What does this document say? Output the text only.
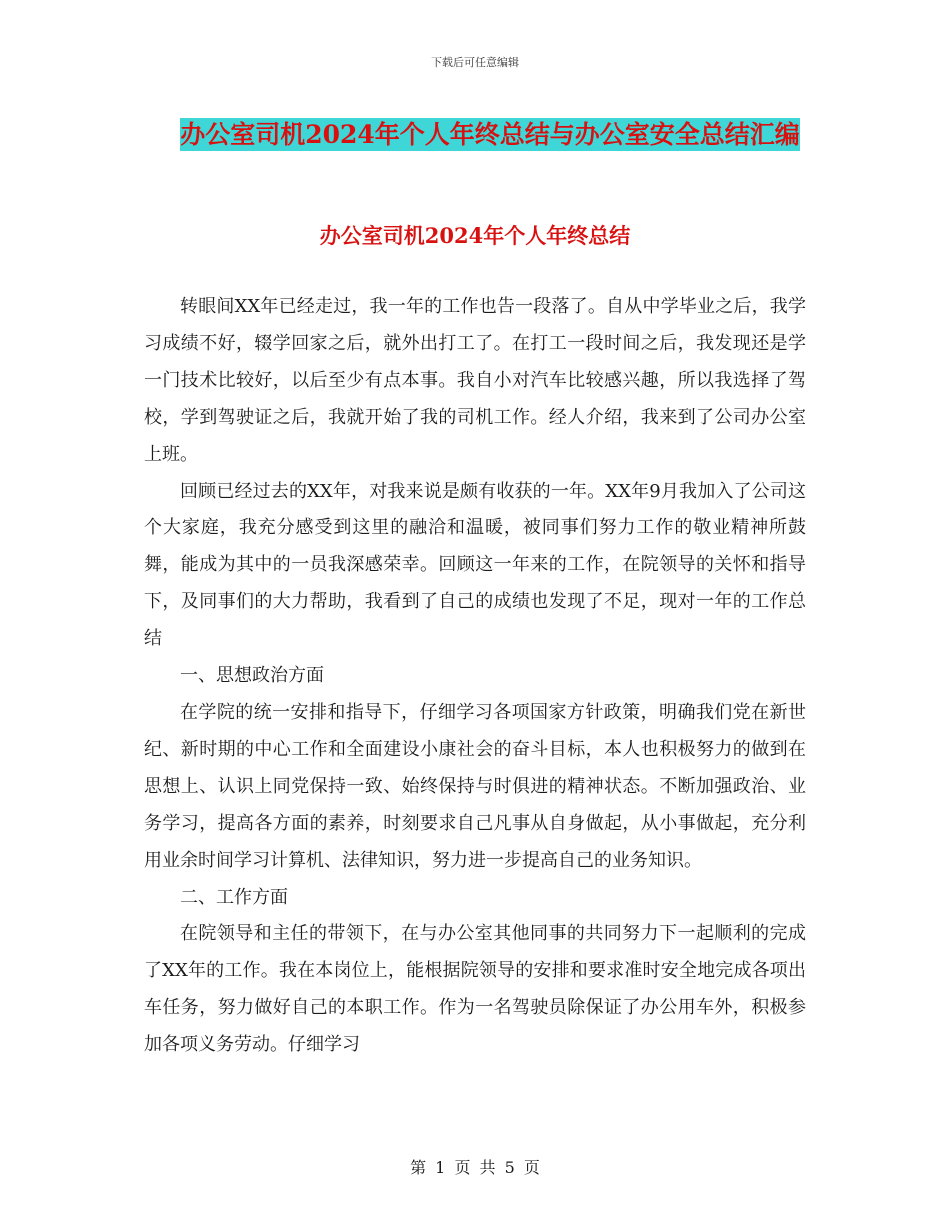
下载后可任意编辑
办公室司机2024年个人年终总结与办公室安全总结汇编
办公室司机2024年个人年终总结

转眼间XX年已经走过，我一年的工作也告一段落了。自从中学毕业之后，我学习成绩不好，辍学回家之后，就外出打工了。在打工一段时间之后，我发现还是学一门技术比较好，以后至少有点本事。我自小对汽车比较感兴趣，所以我选择了驾校，学到驾驶证之后，我就开始了我的司机工作。经人介绍，我来到了公司办公室上班。

回顾已经过去的XX年，对我来说是颇有收获的一年。XX年9月我加入了公司这个大家庭，我充分感受到这里的融洽和温暖，被同事们努力工作的敬业精神所鼓舞，能成为其中的一员我深感荣幸。回顾这一年来的工作，在院领导的关怀和指导下，及同事们的大力帮助，我看到了自己的成绩也发现了不足，现对一年的工作总结

一、思想政治方面

在学院的统一安排和指导下，仔细学习各项国家方针政策，明确我们党在新世纪、新时期的中心工作和全面建设小康社会的奋斗目标，本人也积极努力的做到在思想上、认识上同党保持一致、始终保持与时俱进的精神状态。不断加强政治、业务学习，提高各方面的素养，时刻要求自己凡事从自身做起，从小事做起，充分利用业余时间学习计算机、法律知识，努力进一步提高自己的业务知识。

二、工作方面

在院领导和主任的带领下，在与办公室其他同事的共同努力下一起顺利的完成了XX年的工作。我在本岗位上，能根据院领导的安排和要求准时安全地完成各项出车任务，努力做好自己的本职工作。作为一名驾驶员除保证了办公用车外，积极参加各项义务劳动。仔细学习

第 1 页 共 5 页
